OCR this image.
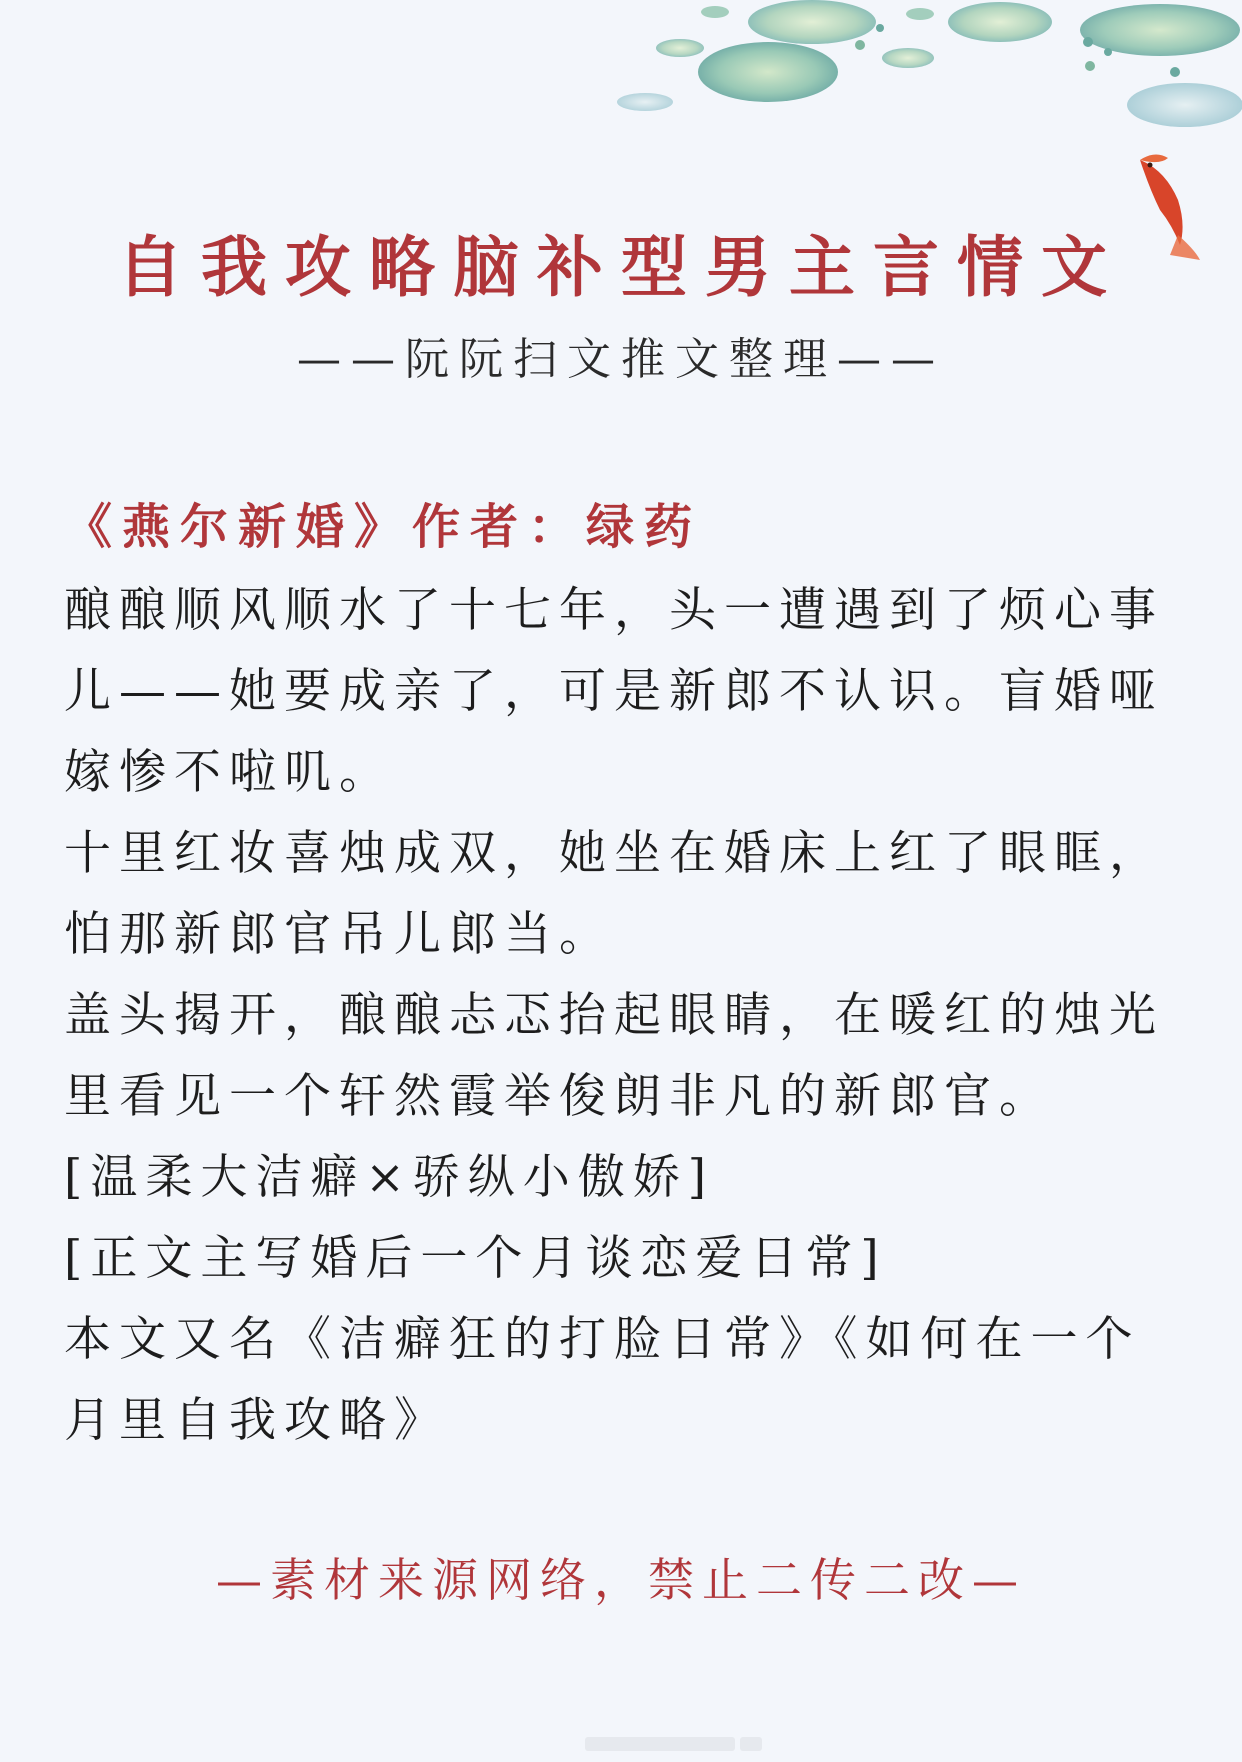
自我攻略脑补型男主言情文
——阮阮扫文推文整理——
《燕尔新婚》作者：绿药

酿酿顺风顺水了十七年，头一遭遇到了烦心事儿——她要成亲了，可是新郎不认识。盲婚哑嫁惨不啦叽。

十里红妆喜烛成双，她坐在婚床上红了眼眶，怕那新郎官吊儿郎当。

盖头揭开，酿酿忐忑抬起眼睛，在暖红的烛光里看见一个轩然霞举俊朗非凡的新郎官。

[温柔大洁癖×骄纵小傲娇]

[正文主写婚后一个月谈恋爱日常]

本文又名《洁癖狂的打脸日常》《如何在一个月里自我攻略》

—素材来源网络，禁止二传二改—
